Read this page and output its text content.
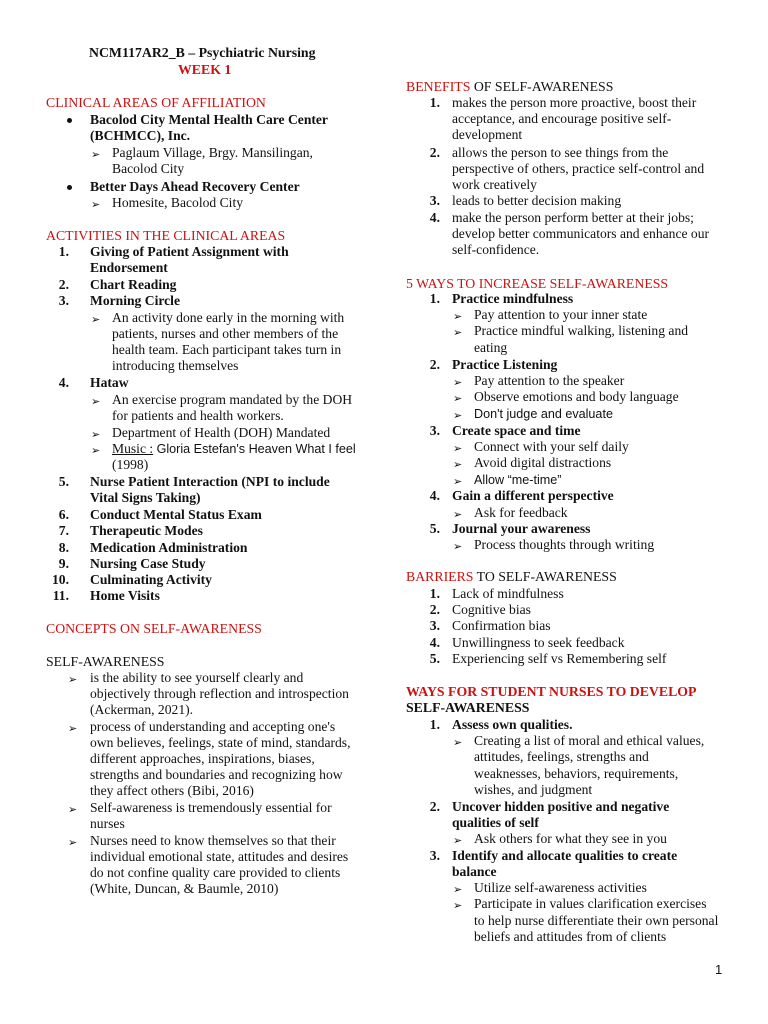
NCM117AR2_B – Psychiatric Nursing
WEEK 1
CLINICAL AREAS OF AFFILIATION
Bacolod City Mental Health Care Center
(BCHMCC), Inc.
➢ Paglaum Village, Brgy. Mansilingan,
Bacolod City
Better Days Ahead Recovery Center
➢ Homesite, Bacolod City
ACTIVITIES IN THE CLINICAL AREAS
1. Giving of Patient Assignment with
Endorsement
2. Chart Reading
3. Morning Circle
➢ An activity done early in the morning with
patients, nurses and other members of the
health team. Each participant takes turn in
introducing themselves
4. Hataw
➢ An exercise program mandated by the DOH
for patients and health workers.
➢ Department of Health (DOH) Mandated
➢ Music : Gloria Estefan's Heaven What I feel
(1998)
5. Nurse Patient Interaction (NPI to include
Vital Signs Taking)
6. Conduct Mental Status Exam
7. Therapeutic Modes
8. Medication Administration
9. Nursing Case Study
10. Culminating Activity
11. Home Visits
CONCEPTS ON SELF-AWARENESS
SELF-AWARENESS
➢ is the ability to see yourself clearly and
objectively through reflection and introspection
(Ackerman, 2021).
➢ process of understanding and accepting one's
own believes, feelings, state of mind, standards,
different approaches, inspirations, biases,
strengths and boundaries and recognizing how
they affect others (Bibi, 2016)
➢ Self-awareness is tremendously essential for
nurses
➢ Nurses need to know themselves so that their
individual emotional state, attitudes and desires
do not confine quality care provided to clients
(White, Duncan, & Baumle, 2010)
BENEFITS OF SELF-AWARENESS
1. makes the person more proactive, boost their
acceptance, and encourage positive self-
development
2. allows the person to see things from the
perspective of others, practice self-control and
work creatively
3. leads to better decision making
4. make the person perform better at their jobs;
develop better communicators and enhance our
self-confidence.
5 WAYS TO INCREASE SELF-AWARENESS
1. Practice mindfulness
➢ Pay attention to your inner state
➢ Practice mindful walking, listening and
eating
2. Practice Listening
➢ Pay attention to the speaker
➢ Observe emotions and body language
➢ Don't judge and evaluate
3. Create space and time
➢ Connect with your self daily
➢ Avoid digital distractions
➢ Allow “me-time”
4. Gain a different perspective
➢ Ask for feedback
5. Journal your awareness
➢ Process thoughts through writing
BARRIERS TO SELF-AWARENESS
1. Lack of mindfulness
2. Cognitive bias
3. Confirmation bias
4. Unwillingness to seek feedback
5. Experiencing self vs Remembering self
WAYS FOR STUDENT NURSES TO DEVELOP
SELF-AWARENESS
1. Assess own qualities.
➢ Creating a list of moral and ethical values,
attitudes, feelings, strengths and
weaknesses, behaviors, requirements,
wishes, and judgment
2. Uncover hidden positive and negative
qualities of self
➢ Ask others for what they see in you
3. Identify and allocate qualities to create
balance
➢ Utilize self-awareness activities
➢ Participate in values clarification exercises
to help nurse differentiate their own personal
beliefs and attitudes from of clients
1
